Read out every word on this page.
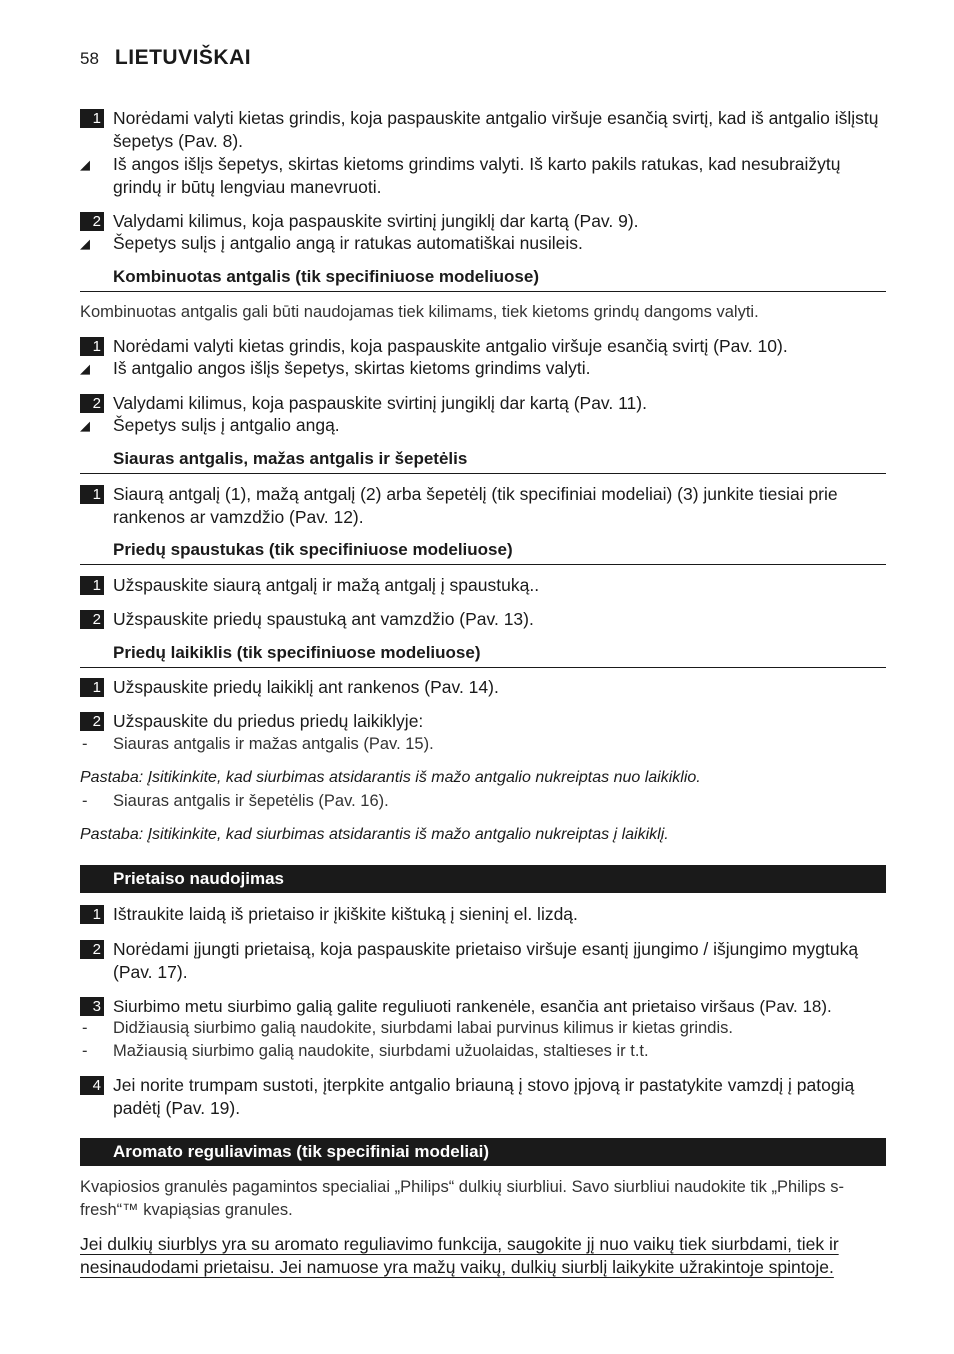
58 LIETUVIŠKAI
1 Norėdami valyti kietas grindis, koja paspauskite antgalio viršuje esančią svirtį, kad iš antgalio išlįstų šepetys (Pav. 8).
◢ Iš angos išlįs šepetys, skirtas kietoms grindims valyti. Iš karto pakils ratukas, kad nesubraižytų grindų ir būtų lengviau manevruoti.
2 Valydami kilimus, koja paspauskite svirtinį jungiklį dar kartą (Pav. 9).
◢ Šepetys sulįs į antgalio angą ir ratukas automatiškai nusileis.
Kombinuotas antgalis (tik specifiniuose modeliuose)
Kombinuotas antgalis gali būti naudojamas tiek kilimams, tiek kietoms grindų dangoms valyti.
1 Norėdami valyti kietas grindis, koja paspauskite antgalio viršuje esančią svirtį (Pav. 10).
◢ Iš antgalio angos išlįs šepetys, skirtas kietoms grindims valyti.
2 Valydami kilimus, koja paspauskite svirtinį jungiklį dar kartą (Pav. 11).
◢ Šepetys sulįs į antgalio angą.
Siauras antgalis, mažas antgalis ir šepetėlis
1 Siaurą antgalį (1), mažą antgalį (2) arba šepetėlį (tik specifiniai modeliai) (3) junkite tiesiai prie rankenos ar vamzdžio (Pav. 12).
Priedų spaustukas (tik specifiniuose modeliuose)
1 Užspauskite siaurą antgalį ir mažą antgalį į spaustuką..
2 Užspauskite priedų spaustuką ant vamzdžio (Pav. 13).
Priedų laikiklis (tik specifiniuose modeliuose)
1 Užspauskite priedų laikiklį ant rankenos (Pav. 14).
2 Užspauskite du priedus priedų laikiklyje:
- Siauras antgalis ir mažas antgalis (Pav. 15).
Pastaba: Įsitikinkite, kad siurbimas atsidarantis iš mažo antgalio nukreiptas nuo laikiklio.
- Siauras antgalis ir šepetėlis (Pav. 16).
Pastaba: Įsitikinkite, kad siurbimas atsidarantis iš mažo antgalio nukreiptas į laikiklį.
Prietaiso naudojimas
1 Ištraukite laidą iš prietaiso ir įkiškite kištuką į sieninį el. lizdą.
2 Norėdami įjungti prietaisą, koja paspauskite prietaiso viršuje esantį įjungimo / išjungimo mygtuką (Pav. 17).
3 Siurbimo metu siurbimo galią galite reguliuoti rankenėle, esančia ant prietaiso viršaus (Pav. 18).
- Didžiausią siurbimo galią naudokite, siurbdami labai purvinus kilimus ir kietas grindis.
- Mažiausią siurbimo galią naudokite, siurbdami užuolaidas, staltieses ir t.t.
4 Jei norite trumpam sustoti, įterpkite antgalio briauną į stovo įpjovą ir pastatykite vamzdį į patogią padėtį (Pav. 19).
Aromato reguliavimas (tik specifiniai modeliai)
Kvapiosios granulės pagamintos specialiai „Philips“ dulkių siurbliui. Savo siurbliui naudokite tik „Philips s-fresh“™ kvapiąsias granules.
Jei dulkių siurblys yra su aromato reguliavimo funkcija, saugokite jį nuo vaikų tiek siurbdami, tiek ir nesinaudodami prietaisu. Jei namuose yra mažų vaikų, dulkių siurblį laikykite užrakintoje spintoje.
